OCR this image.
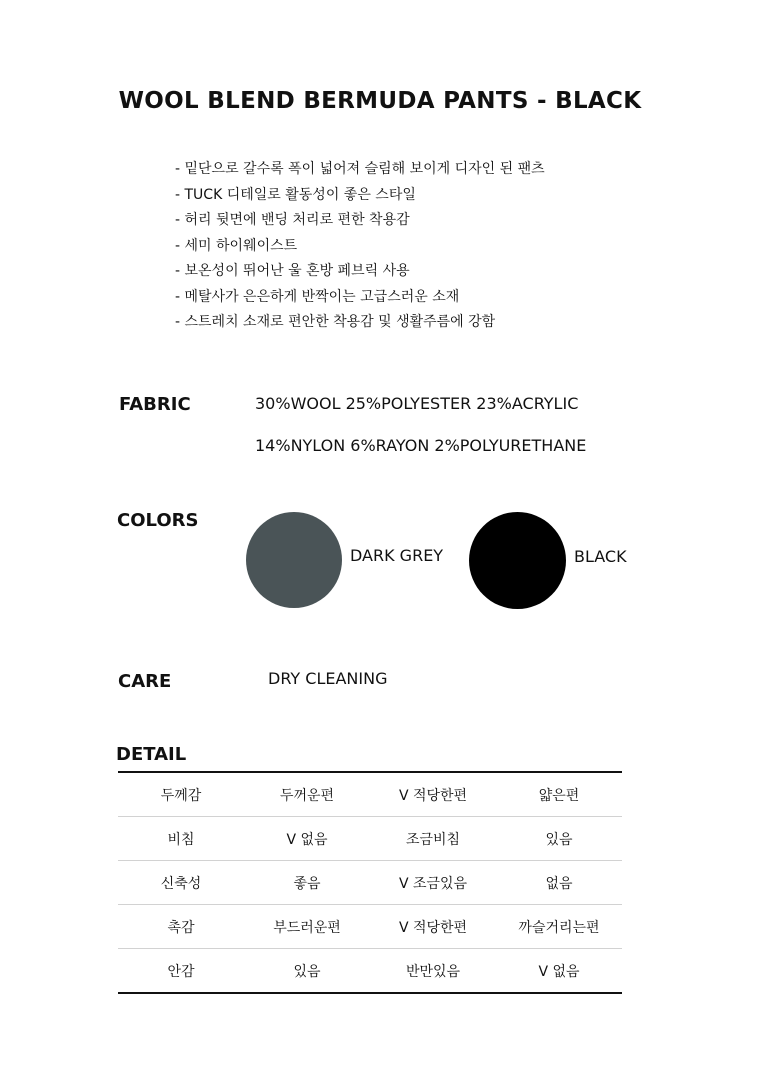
WOOL BLEND BERMUDA PANTS - BLACK
- 밑단으로 갈수록 폭이 넓어져 슬림해 보이게 디자인 된 팬츠
- TUCK 디테일로 활동성이 좋은 스타일
- 허리 뒷면에 밴딩 처리로 편한 착용감
- 세미 하이웨이스트
- 보온성이 뛰어난 울 혼방 페브릭 사용
- 메탈사가 은은하게 반짝이는 고급스러운 소재
- 스트레치 소재로 편안한 착용감 및 생활주름에 강함
FABRIC	30%WOOL 25%POLYESTER 23%ACRYLIC
14%NYLON 6%RAYON 2%POLYURETHANE
COLORS
DARK GREY	BLACK
CARE	DRY CLEANING
DETAIL
두께감	두꺼운편	V 적당한편	얇은편
비침	V 없음	조금비침	있음
신축성	좋음	V 조금있음	없음
촉감	부드러운편	V 적당한편	까슬거리는편
안감	있음	반만있음	V 없음
